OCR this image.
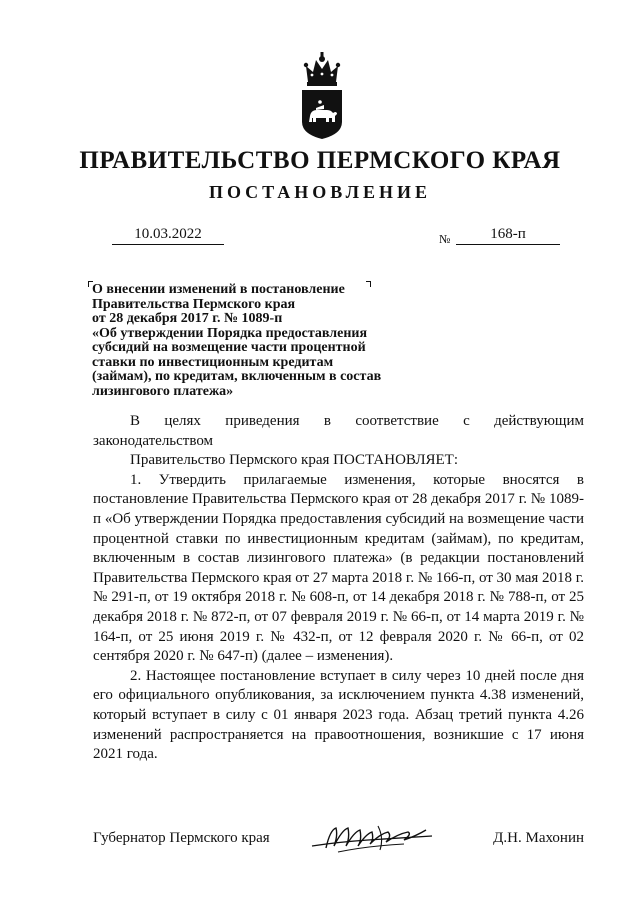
ПРАВИТЕЛЬСТВО ПЕРМСКОГО КРАЯ
ПОСТАНОВЛЕНИЕ
10.03.2022	№	168-п
О внесении изменений в постановление
Правительства Пермского края
от 28 декабря 2017 г. № 1089-п
«Об утверждении Порядка предоставления
субсидий на возмещение части процентной
ставки по инвестиционным кредитам
(займам), по кредитам, включенным в состав
лизингового платежа»

В целях приведения в соответствие с действующим

законодательством

Правительство Пермского края ПОСТАНОВЛЯЕТ:

1. Утвердить прилагаемые изменения, которые вносятся в постановление Правительства Пермского края от 28 декабря 2017 г. № 1089-п «Об утверждении Порядка предоставления субсидий на возмещение части процентной ставки по инвестиционным кредитам (займам), по кредитам, включенным в состав лизингового платежа» (в редакции постановлений Правительства Пермского края от 27 марта 2018 г. № 166-п, от 30 мая 2018 г. № 291-п, от 19 октября 2018 г. № 608-п, от 14 декабря 2018 г. № 788-п, от 25 декабря 2018 г. № 872-п, от 07 февраля 2019 г. № 66-п, от 14 марта 2019 г. № 164-п, от 25 июня 2019 г. № 432-п, от 12 февраля 2020 г. № 66-п, от 02 сентября 2020 г. № 647-п) (далее – изменения).

2. Настоящее постановление вступает в силу через 10 дней после дня его официального опубликования, за исключением пункта 4.38 изменений, который вступает в силу с 01 января 2023 года. Абзац третий пункта 4.26 изменений распространяется на правоотношения, возникшие с 17 июня 2021 года.

Губернатор Пермского края	Д.Н. Махонин
